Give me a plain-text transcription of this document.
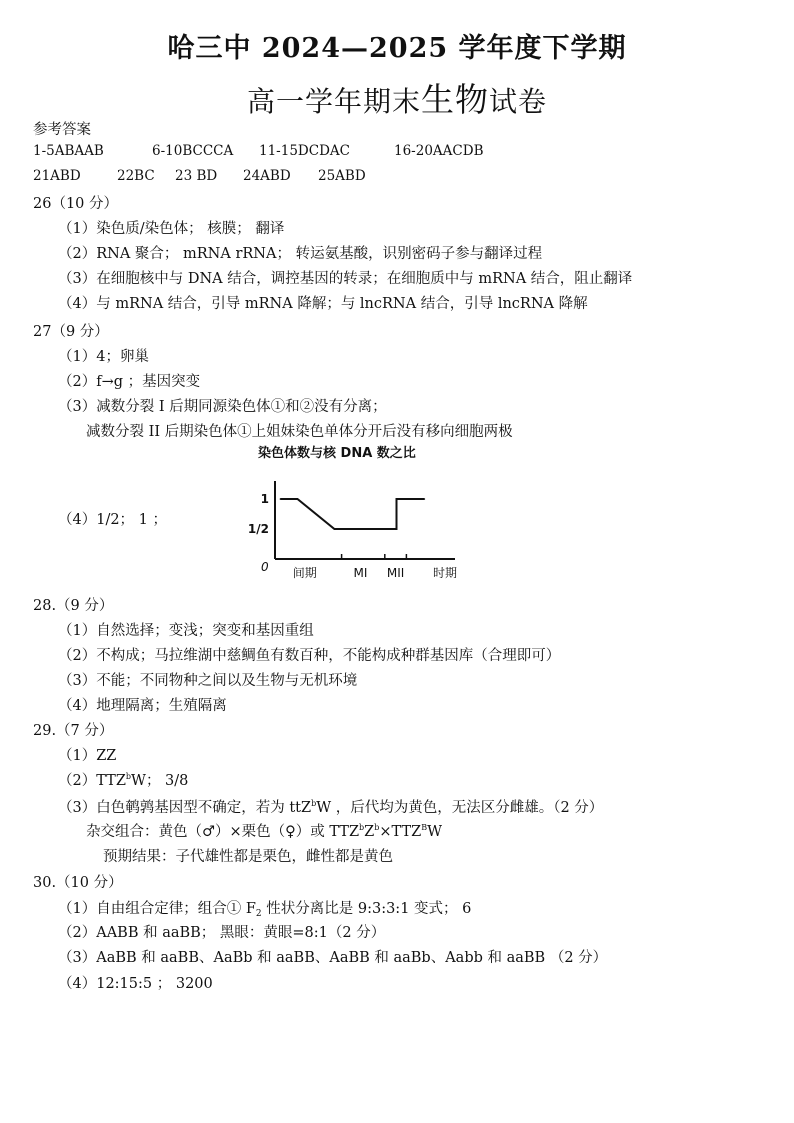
哈三中 2024—2025 学年度下学期
高一学年期末生物试卷
参考答案
1-5ABAAB	6-10BCCCA 11-15DCDAC	16-20AACDB
21ABD	22BC 23 BD 24ABD 25ABD
26（10 分）
（1）染色质/染色体； 核膜； 翻译
（2）RNA 聚合； mRNA rRNA； 转运氨基酸，识别密码子参与翻译过程
（3）在细胞核中与 DNA 结合，调控基因的转录；在细胞质中与 mRNA 结合，阻止翻译
（4）与 mRNA 结合，引导 mRNA 降解；与 lncRNA 结合，引导 lncRNA 降解
27（9 分）
（1）4；卵巢
（2）f→g ；基因突变
（3）减数分裂 I 后期同源染色体①和②没有分离；
减数分裂 II 后期染色体①上姐妹染色单体分开后没有移向细胞两极
（4）1/2； 1 ；
染色体数与核 DNA 数之比
0
1
1/2
间期	MI MII 时期
28.（9 分）
（1）自然选择；变浅；突变和基因重组
（2）不构成；马拉维湖中慈鲷鱼有数百种，不能构成种群基因库（合理即可）
（3）不能；不同物种之间以及生物与无机环境
（4）地理隔离；生殖隔离
29.（7 分）
（1）ZZ
（2）TTZ$^b$W； 3/8
（3）白色鹌鹑基因型不确定，若为 ttZ$^b$W ，后代均为黄色，无法区分雌雄。（2 分）
杂交组合：黄色（♂）×栗色（♀）或 $TTZ^bZ^b\times TTZ^BW$
预期结果：子代雄性都是栗色，雌性都是黄色
30.（10 分）
（1）自由组合定律；组合① $F_2$ 性状分离比是 9:3:3:1 变式； 6
（2）AABB 和 aaBB； 黑眼：黄眼=8:1（2 分）
（3）AaBB 和 aaBB、AaBb 和 aaBB、AaBB 和 aaBb、Aabb 和 aaBB （2 分）
（4）12:15:5 ； 3200
